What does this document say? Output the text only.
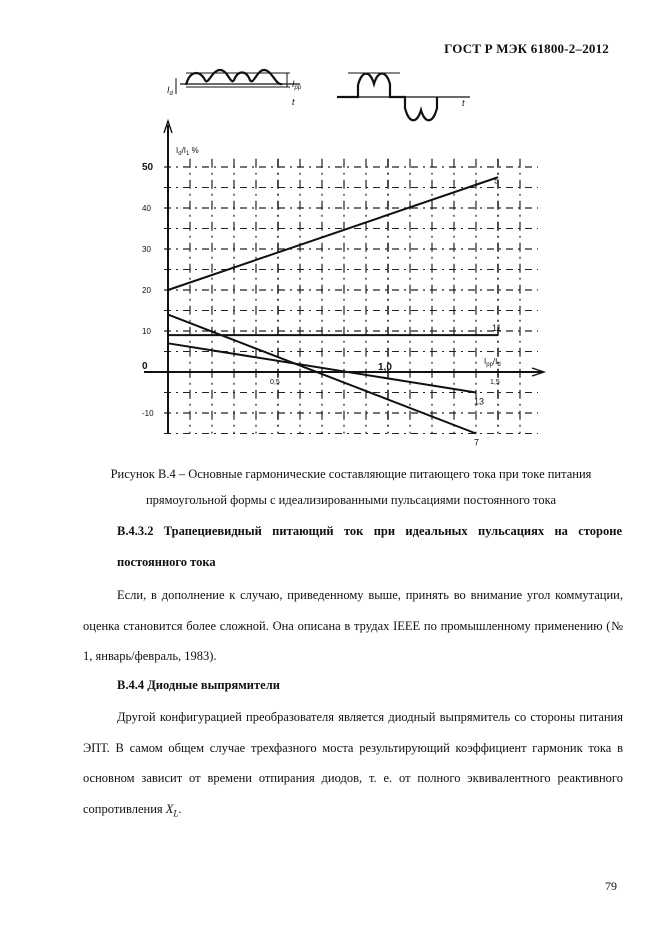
ГОСТ Р МЭК 61800-2–2012
$I_d$
$I_{pp}$
t	t
50
40
30
20
10
0
-10
0,5
1,0
1,5
$I_d/I_1$ %
$I_{pp}/I_d$
5
11
13
7
Рисунок В.4 – Основные гармонические составляющие питающего тока при токе питания
прямоугольной формы с идеализированными пульсациями постоянного тока
В.4.3.2 Трапециевидный питающий ток при идеальных пульсациях на стороне
постоянного тока
Если, в дополнение к случаю, приведенному выше, принять во внимание угол коммутации, оценка становится более сложной. Она описана в трудах IEEE по промышленному применению (№ 1, январь/февраль, 1983).
В.4.4 Диодные выпрямители
Другой конфигурацией преобразователя является диодный выпрямитель со стороны питания ЭПТ. В самом общем случае трехфазного моста результирующий коэффициент гармоник тока в основном зависит от времени отпирания диодов, т. е. от полного эквивалентного реактивного сопротивления $X_L$.
79
